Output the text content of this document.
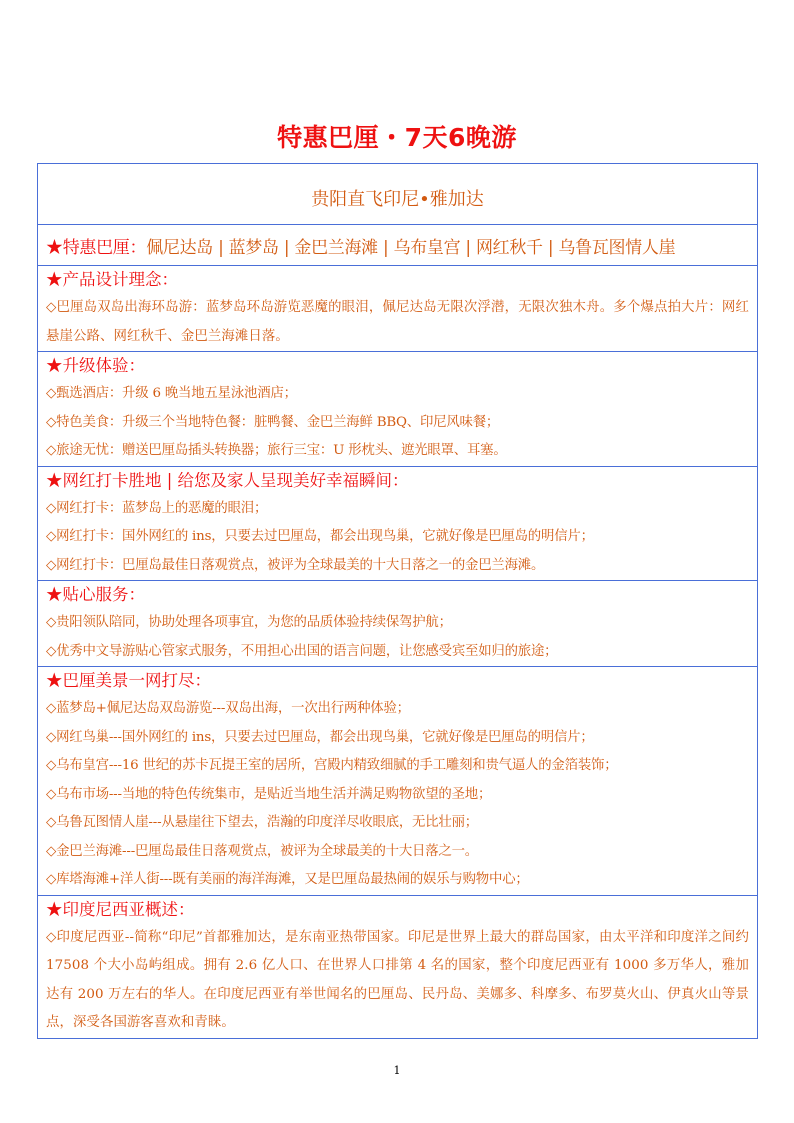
特惠巴厘・7天6晚游
贵阳直飞印尼•雅加达
★特惠巴厘：佩尼达岛 | 蓝梦岛 | 金巴兰海滩 | 乌布皇宫 | 网红秋千 | 乌鲁瓦图情人崖

★产品设计理念：
◇巴厘岛双岛出海环岛游：蓝梦岛环岛游览恶魔的眼泪，佩尼达岛无限次浮潜，无限次独木舟。多个爆点拍大片：网红悬崖公路、网红秋千、金巴兰海滩日落。

★升级体验：
◇甄选酒店：升级 6 晚当地五星泳池酒店；
◇特色美食：升级三个当地特色餐：脏鸭餐、金巴兰海鲜 BBQ、印尼风味餐；
◇旅途无忧：赠送巴厘岛插头转换器；旅行三宝：U 形枕头、遮光眼罩、耳塞。

★网红打卡胜地 | 给您及家人呈现美好幸福瞬间：
◇网红打卡：蓝梦岛上的恶魔的眼泪；
◇网红打卡：国外网红的 ins，只要去过巴厘岛，都会出现鸟巢，它就好像是巴厘岛的明信片；
◇网红打卡：巴厘岛最佳日落观赏点，被评为全球最美的十大日落之一的金巴兰海滩。

★贴心服务：
◇贵阳领队陪同，协助处理各项事宜，为您的品质体验持续保驾护航；
◇优秀中文导游贴心管家式服务，不用担心出国的语言问题，让您感受宾至如归的旅途；

★巴厘美景一网打尽：
◇蓝梦岛+佩尼达岛双岛游览---双岛出海，一次出行两种体验；
◇网红鸟巢---国外网红的 ins，只要去过巴厘岛，都会出现鸟巢，它就好像是巴厘岛的明信片；
◇乌布皇宫---16 世纪的苏卡瓦提王室的居所，宫殿内精致细腻的手工雕刻和贵气逼人的金箔装饰；
◇乌布市场---当地的特色传统集市，是贴近当地生活并满足购物欲望的圣地；
◇乌鲁瓦图情人崖---从悬崖往下望去，浩瀚的印度洋尽收眼底，无比壮丽；
◇金巴兰海滩---巴厘岛最佳日落观赏点，被评为全球最美的十大日落之一。
◇库塔海滩+洋人街---既有美丽的海洋海滩，又是巴厘岛最热闹的娱乐与购物中心；

★印度尼西亚概述：
◇印度尼西亚--简称“印尼”首都雅加达，是东南亚热带国家。印尼是世界上最大的群岛国家，由太平洋和印度洋之间约 17508 个大小岛屿组成。拥有 2.6 亿人口、在世界人口排第 4 名的国家，整个印度尼西亚有 1000 多万华人，雅加达有 200 万左右的华人。在印度尼西亚有举世闻名的巴厘岛、民丹岛、美娜多、科摩多、布罗莫火山、伊真火山等景点，深受各国游客喜欢和青睐。
1
